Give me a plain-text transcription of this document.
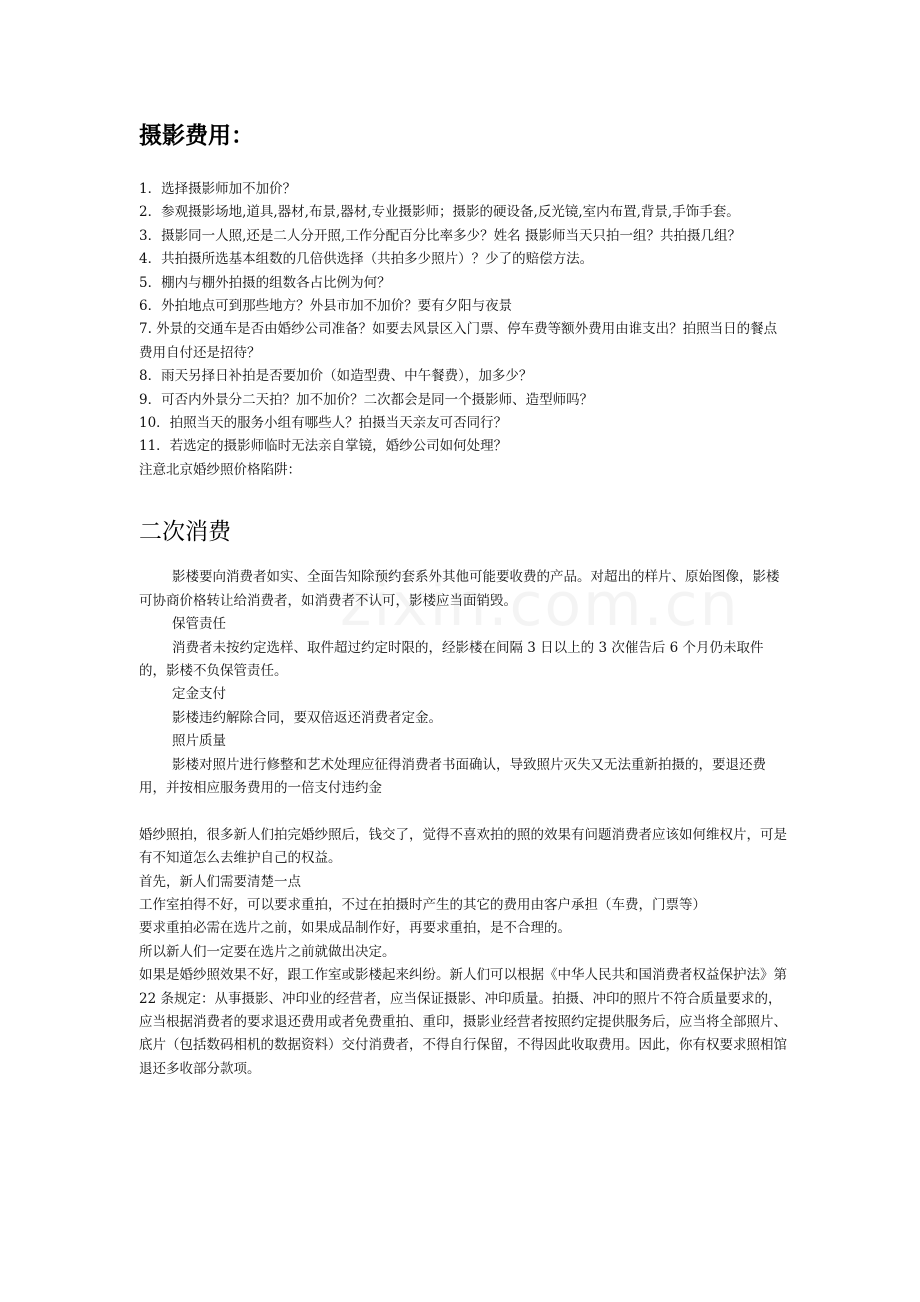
摄影费用：

1．选择摄影师加不加价？

2．参观摄影场地,道具,器材,布景,器材,专业摄影师；摄影的硬设备,反光镜,室内布置,背景,手饰手套。

3．摄影同一人照,还是二人分开照,工作分配百分比率多少？姓名 摄影师当天只拍一组？共拍摄几组？

4．共拍摄所选基本组数的几倍供选择（共拍多少照片）？少了的赔偿方法。

5．棚内与棚外拍摄的组数各占比例为何？

6．外拍地点可到那些地方？外县市加不加价？要有夕阳与夜景

7. 外景的交通车是否由婚纱公司准备？如要去风景区入门票、停车费等额外费用由谁支出？拍照当日的餐点费用自付还是招待？

8．雨天另择日补拍是否要加价（如造型费、中午餐费），加多少？

9．可否内外景分二天拍？加不加价？二次都会是同一个摄影师、造型师吗？

10．拍照当天的服务小组有哪些人？拍摄当天亲友可否同行？

11．若选定的摄影师临时无法亲自掌镜，婚纱公司如何处理？

注意北京婚纱照价格陷阱：

二次消费

影楼要向消费者如实、全面告知除预约套系外其他可能要收费的产品。对超出的样片、原始图像，影楼可协商价格转让给消费者，如消费者不认可，影楼应当面销毁。

保管责任

消费者未按约定选样、取件超过约定时限的，经影楼在间隔 3 日以上的 3 次催告后 6 个月仍未取件的，影楼不负保管责任。

定金支付

影楼违约解除合同，要双倍返还消费者定金。

照片质量

影楼对照片进行修整和艺术处理应征得消费者书面确认，导致照片灭失又无法重新拍摄的，要退还费用，并按相应服务费用的一倍支付违约金

婚纱照拍，很多新人们拍完婚纱照后，钱交了，觉得不喜欢拍的照的效果有问题消费者应该如何维权片，可是有不知道怎么去维护自己的权益。

首先，新人们需要清楚一点

工作室拍得不好，可以要求重拍，不过在拍摄时产生的其它的费用由客户承担（车费，门票等）

要求重拍必需在选片之前，如果成品制作好，再要求重拍，是不合理的。

所以新人们一定要在选片之前就做出决定。

如果是婚纱照效果不好，跟工作室或影楼起来纠纷。新人们可以根据《中华人民共和国消费者权益保护法》第 22 条规定：从事摄影、冲印业的经营者，应当保证摄影、冲印质量。拍摄、冲印的照片不符合质量要求的，应当根据消费者的要求退还费用或者免费重拍、重印，摄影业经营者按照约定提供服务后，应当将全部照片、底片（包括数码相机的数据资料）交付消费者，不得自行保留，不得因此收取费用。因此，你有权要求照相馆退还多收部分款项。
